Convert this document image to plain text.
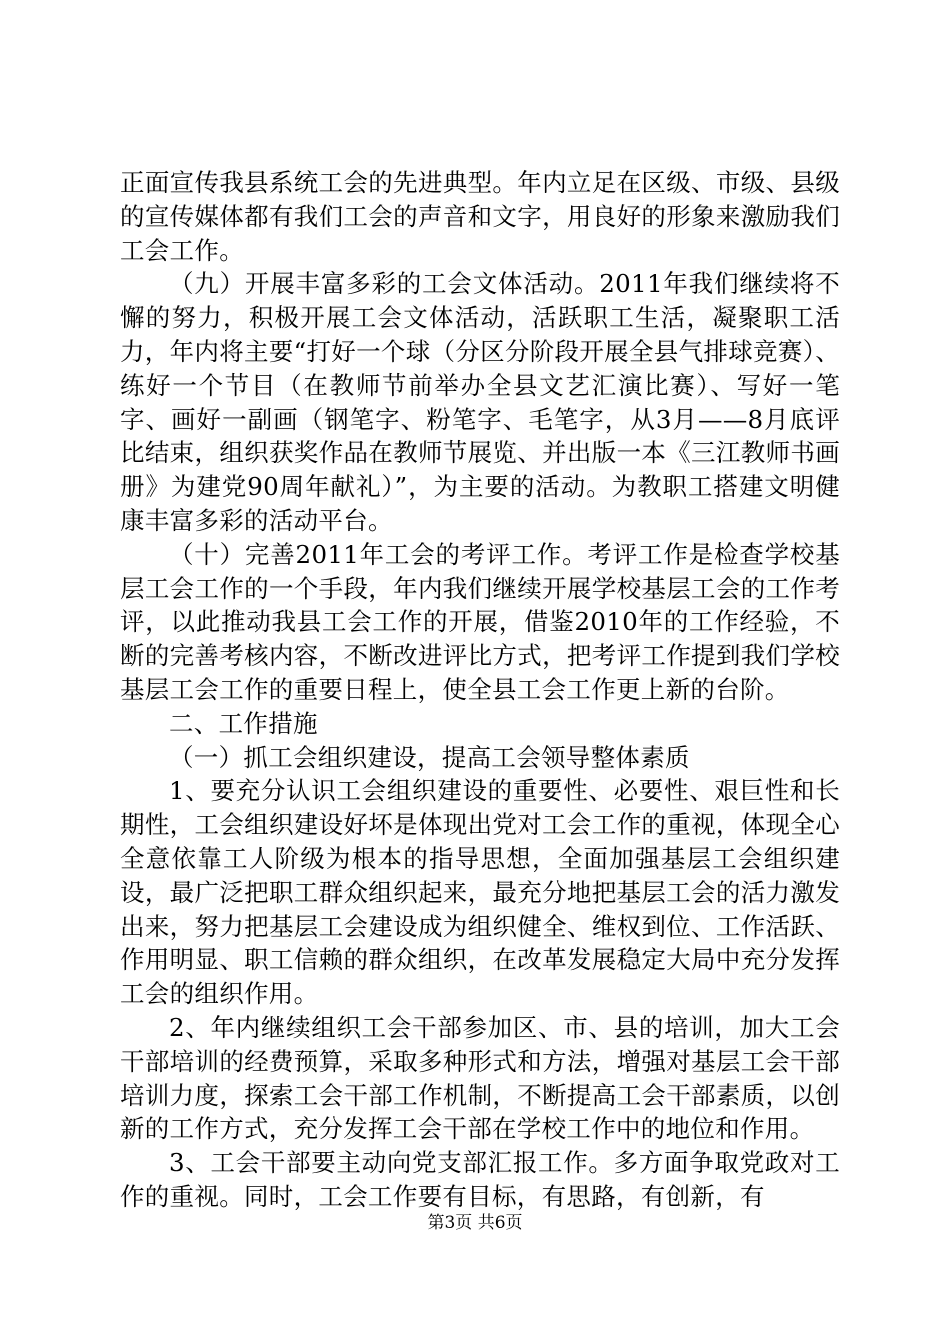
正面宣传我县系统工会的先进典型。年内立足在区级、市级、县级的宣传媒体都有我们工会的声音和文字，用良好的形象来激励我们工会工作。

（九）开展丰富多彩的工会文体活动。2011年我们继续将不懈的努力，积极开展工会文体活动，活跃职工生活，凝聚职工活力，年内将主要“打好一个球（分区分阶段开展全县气排球竞赛）、练好一个节目（在教师节前举办全县文艺汇演比赛）、写好一笔字、画好一副画（钢笔字、粉笔字、毛笔字，从3月——8月底评比结束，组织获奖作品在教师节展览、并出版一本《三江教师书画册》为建党90周年献礼）”，为主要的活动。为教职工搭建文明健康丰富多彩的活动平台。

（十）完善2011年工会的考评工作。考评工作是检查学校基层工会工作的一个手段，年内我们继续开展学校基层工会的工作考评，以此推动我县工会工作的开展，借鉴2010年的工作经验，不断的完善考核内容，不断改进评比方式，把考评工作提到我们学校基层工会工作的重要日程上，使全县工会工作更上新的台阶。

二、工作措施

（一）抓工会组织建设，提高工会领导整体素质

1、要充分认识工会组织建设的重要性、必要性、艰巨性和长期性，工会组织建设好坏是体现出党对工会工作的重视，体现全心全意依靠工人阶级为根本的指导思想，全面加强基层工会组织建设，最广泛把职工群众组织起来，最充分地把基层工会的活力激发出来，努力把基层工会建设成为组织健全、维权到位、工作活跃、作用明显、职工信赖的群众组织，在改革发展稳定大局中充分发挥工会的组织作用。

2、年内继续组织工会干部参加区、市、县的培训，加大工会干部培训的经费预算，采取多种形式和方法，增强对基层工会干部培训力度，探索工会干部工作机制，不断提高工会干部素质，以创新的工作方式，充分发挥工会干部在学校工作中的地位和作用。

3、工会干部要主动向党支部汇报工作。多方面争取党政对工作的重视。同时，工会工作要有目标，有思路，有创新，有

第3页 共6页
